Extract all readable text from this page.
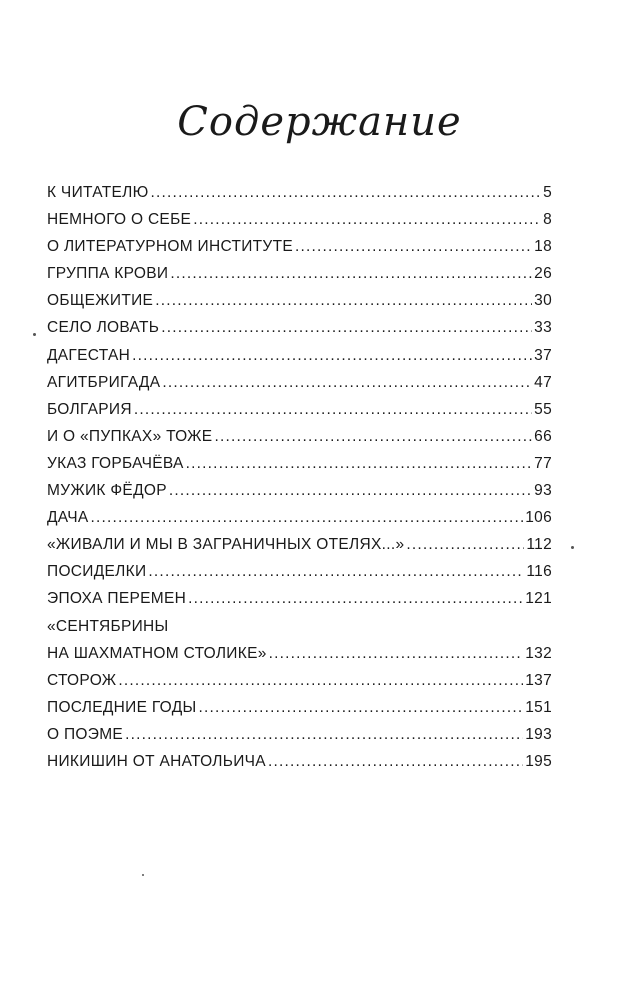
Содержание
К ЧИТАТЕЛЮ .....	5
НЕМНОГО О СЕБЕ .....	8
О ЛИТЕРАТУРНОМ ИНСТИТУТЕ .....	18
ГРУППА КРОВИ .....	26
ОБЩЕЖИТИЕ .....	30
СЕЛО ЛОВАТЬ .....	33
ДАГЕСТАН .....	37
АГИТБРИГАДА .....	47
БОЛГАРИЯ .....	55
И О «ПУПКАХ» ТОЖЕ .....	66
УКАЗ ГОРБАЧЁВА .....	77
МУЖИК ФЁДОР .....	93
ДАЧА .....	106
«ЖИВАЛИ И МЫ В ЗАГРАНИЧНЫХ ОТЕЛЯХ...» .....	112
ПОСИДЕЛКИ .....	116
ЭПОХА ПЕРЕМЕН .....	121
«СЕНТЯБРИНЫ
НА ШАХМАТНОМ СТОЛИКЕ» .....	132
СТОРОЖ .....	137
ПОСЛЕДНИЕ ГОДЫ .....	151
О ПОЭМЕ .....	193
НИКИШИН ОТ АНАТОЛЬИЧА .....	195
